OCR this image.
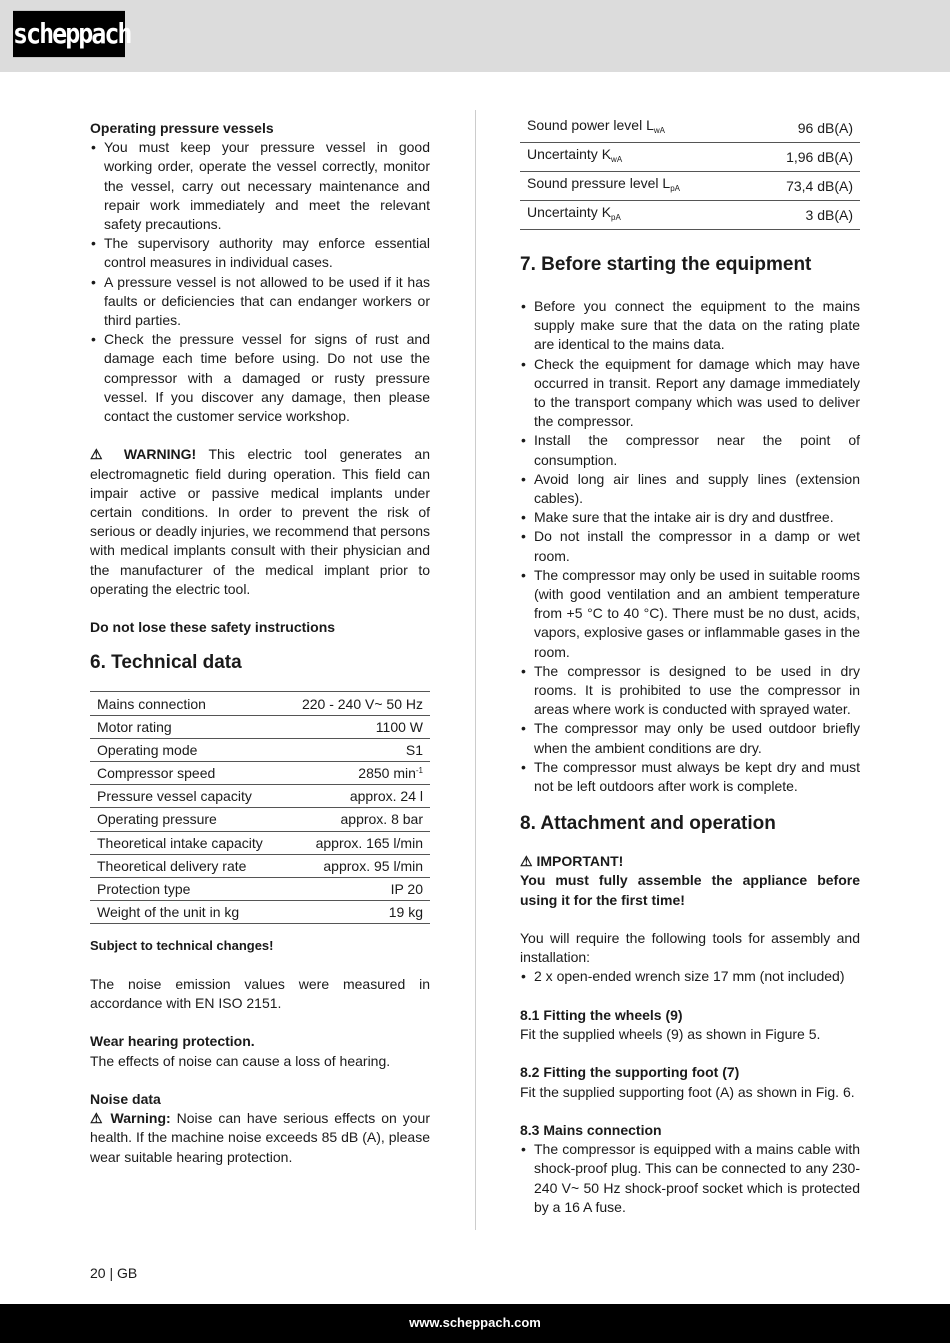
scheppach

Operating pressure vessels

• You must keep your pressure vessel in good working order, operate the vessel correctly, monitor the vessel, carry out necessary maintenance and repair work immediately and meet the relevant safety precautions.
• The supervisory authority may enforce essential control measures in individual cases.
• A pressure vessel is not allowed to be used if it has faults or deficiencies that can endanger workers or third parties.
• Check the pressure vessel for signs of rust and damage each time before using. Do not use the compressor with a damaged or rusty pressure vessel. If you discover any damage, then please contact the customer service workshop.

⚠ WARNING! This electric tool generates an electromagnetic field during operation. This field can impair active or passive medical implants under certain conditions. In order to prevent the risk of serious or deadly injuries, we recommend that persons with medical implants consult with their physician and the manufacturer of the medical implant prior to operating the electric tool.

Do not lose these safety instructions

6. Technical data
Mains connection	220 - 240 V~ 50 Hz
Motor rating	1100 W
Operating mode	S1
Compressor speed	2850 $\min^{-1}$
Pressure vessel capacity	approx. 24 l
Operating pressure	approx. 8 bar
Theoretical intake capacity	approx. 165 l/min
Theoretical delivery rate	approx. 95 l/min
Protection type	IP 20
Weight of the unit in kg	19 kg

Subject to technical changes!

The noise emission values were measured in accordance with EN ISO 2151.

Wear hearing protection.

The effects of noise can cause a loss of hearing.

Noise data

⚠ Warning: Noise can have serious effects on your health. If the machine noise exceeds 85 dB (A), please wear suitable hearing protection.

Sound power level $L_{wA}$	96 dB(A)
Uncertainty $K_{wA}$	1,96 dB(A)
Sound pressure level $L_{pA}$	73,4 dB(A)
Uncertainty $K_{pA}$	3 dB(A)
7. Before starting the equipment
• Before you connect the equipment to the mains supply make sure that the data on the rating plate are identical to the mains data.
• Check the equipment for damage which may have occurred in transit. Report any damage immediately to the transport company which was used to deliver the compressor.
• Install the compressor near the point of consumption.
• Avoid long air lines and supply lines (extension cables).
• Make sure that the intake air is dry and dustfree.
• Do not install the compressor in a damp or wet room.
• The compressor may only be used in suitable rooms (with good ventilation and an ambient temperature from +5 °C to 40 °C). There must be no dust, acids, vapors, explosive gases or inflammable gases in the room.
• The compressor is designed to be used in dry rooms. It is prohibited to use the compressor in areas where work is conducted with sprayed water.
• The compressor may only be used outdoor briefly when the ambient conditions are dry.
• The compressor must always be kept dry and must not be left outdoors after work is complete.
8. Attachment and operation

⚠ IMPORTANT!

You must fully assemble the appliance before using it for the first time!

You will require the following tools for assembly and installation:

• 2 x open-ended wrench size 17 mm (not included)

8.1 Fitting the wheels (9)

Fit the supplied wheels (9) as shown in Figure 5.

8.2 Fitting the supporting foot (7)

Fit the supplied supporting foot (A) as shown in Fig. 6.

8.3 Mains connection

• The compressor is equipped with a mains cable with shock-proof plug. This can be connected to any 230-240 V~ 50 Hz shock-proof socket which is protected by a 16 A fuse.
20 | GB
www.scheppach.com
